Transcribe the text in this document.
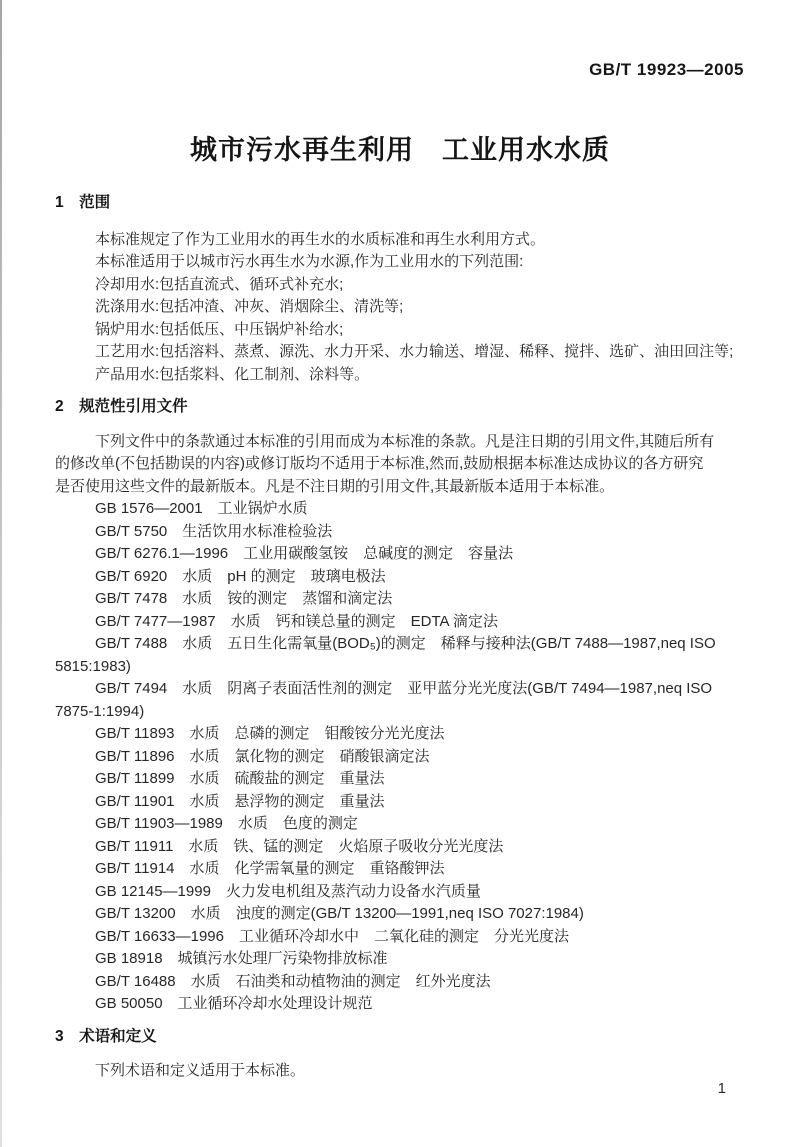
GB/T 19923—2005
城市污水再生利用　工业用水水质
1　范围
本标准规定了作为工业用水的再生水的水质标准和再生水利用方式。
本标准适用于以城市污水再生水为水源,作为工业用水的下列范围:
冷却用水:包括直流式、循环式补充水;
洗涤用水:包括冲渣、冲灰、消烟除尘、清洗等;
锅炉用水:包括低压、中压锅炉补给水;
工艺用水:包括溶料、蒸煮、源洗、水力开采、水力输送、增湿、稀释、搅拌、选矿、油田回注等;
产品用水:包括浆料、化工制剂、涂料等。
2　规范性引用文件
下列文件中的条款通过本标准的引用而成为本标准的条款。凡是注日期的引用文件,其随后所有
的修改单(不包括勘误的内容)或修订版均不适用于本标准,然而,鼓励根据本标准达成协议的各方研究
是否使用这些文件的最新版本。凡是不注日期的引用文件,其最新版本适用于本标准。
GB 1576—2001　工业锅炉水质
GB/T 5750　生活饮用水标准检验法
GB/T 6276.1—1996　工业用碳酸氢铵　总碱度的测定　容量法
GB/T 6920　水质　pH 的测定　玻璃电极法
GB/T 7478　水质　铵的测定　蒸馏和滴定法
GB/T 7477—1987　水质　钙和镁总量的测定　EDTA 滴定法
GB/T 7488　水质　五日生化需氧量(BOD₅)的测定　稀释与接种法(GB/T 7488—1987,neq ISO
5815:1983)
GB/T 7494　水质　阴离子表面活性剂的测定　亚甲蓝分光光度法(GB/T 7494—1987,neq ISO
7875-1:1994)
GB/T 11893　水质　总磷的测定　钼酸铵分光光度法
GB/T 11896　水质　氯化物的测定　硝酸银滴定法
GB/T 11899　水质　硫酸盐的测定　重量法
GB/T 11901　水质　悬浮物的测定　重量法
GB/T 11903—1989　水质　色度的测定
GB/T 11911　水质　铁、锰的测定　火焰原子吸收分光光度法
GB/T 11914　水质　化学需氧量的测定　重铬酸钾法
GB 12145—1999　火力发电机组及蒸汽动力设备水汽质量
GB/T 13200　水质　浊度的测定(GB/T 13200—1991,neq ISO 7027:1984)
GB/T 16633—1996　工业循环冷却水中　二氧化硅的测定　分光光度法
GB 18918　城镇污水处理厂污染物排放标准
GB/T 16488　水质　石油类和动植物油的测定　红外光度法
GB 50050　工业循环冷却水处理设计规范
3　术语和定义
下列术语和定义适用于本标准。
1
